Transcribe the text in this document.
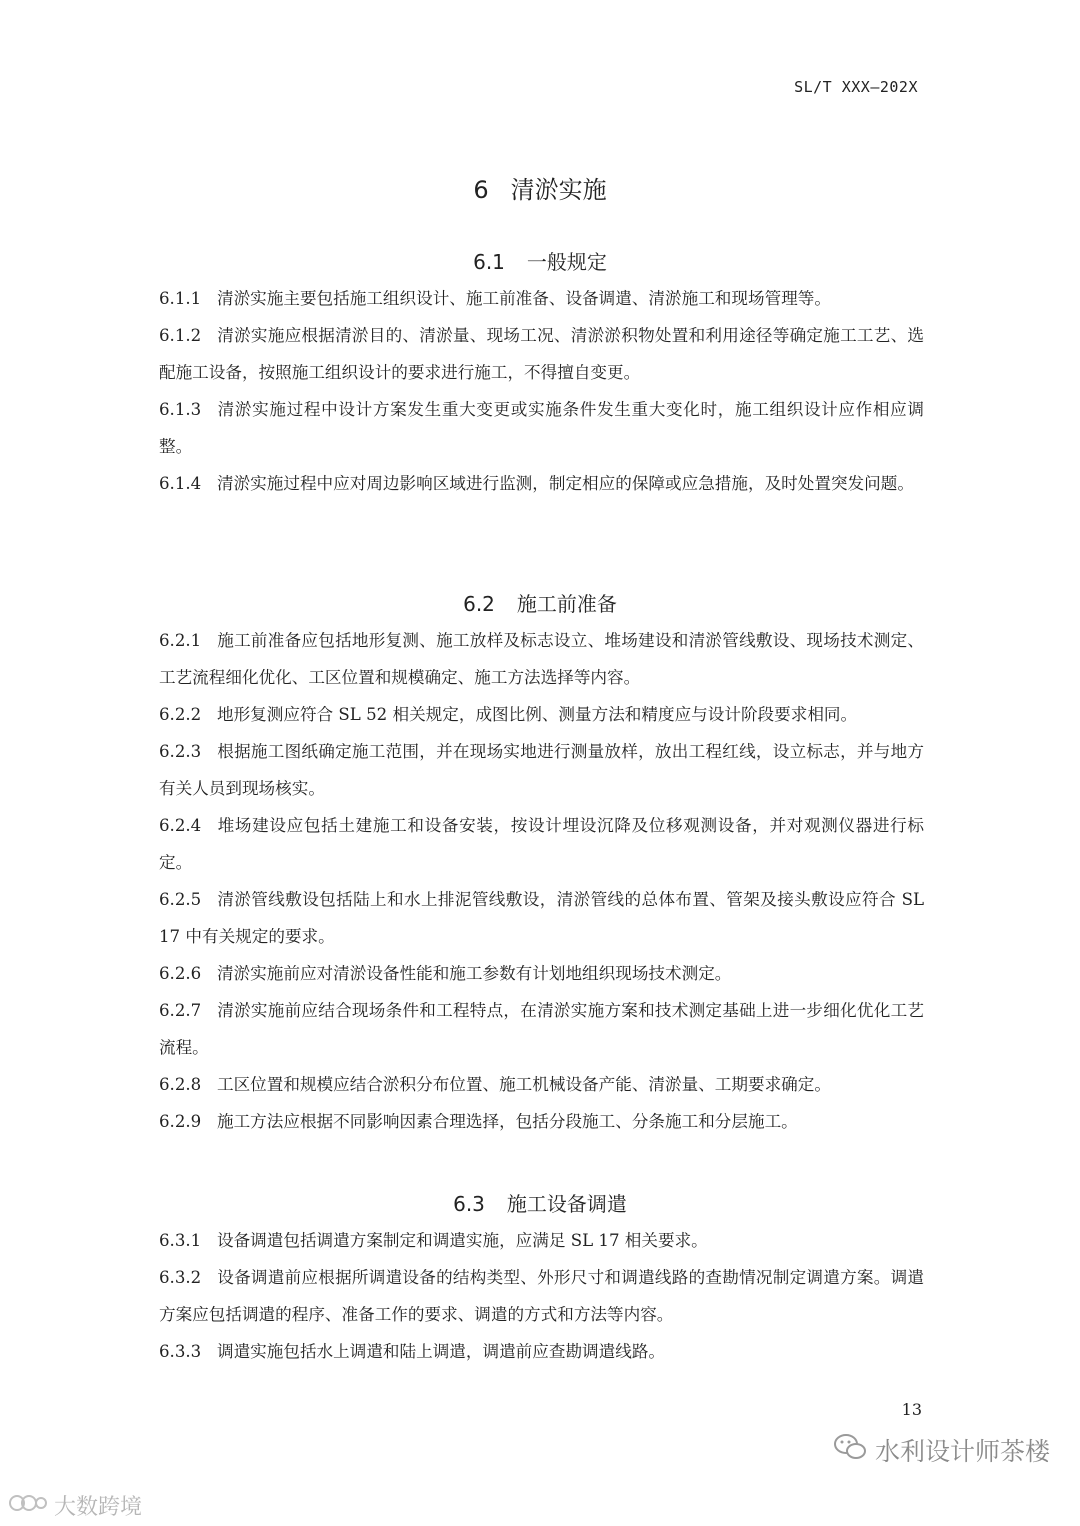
SL/T XXX—202X
6 清淤实施
6.1 一般规定
6.1.1 清淤实施主要包括施工组织设计、施工前准备、设备调遣、清淤施工和现场管理等。
6.1.2 清淤实施应根据清淤目的、清淤量、现场工况、清淤淤积物处置和利用途径等确定施工工艺、选配施工设备，按照施工组织设计的要求进行施工，不得擅自变更。
6.1.3 清淤实施过程中设计方案发生重大变更或实施条件发生重大变化时，施工组织设计应作相应调整。
6.1.4 清淤实施过程中应对周边影响区域进行监测，制定相应的保障或应急措施，及时处置突发问题。
6.2 施工前准备
6.2.1 施工前准备应包括地形复测、施工放样及标志设立、堆场建设和清淤管线敷设、现场技术测定、工艺流程细化优化、工区位置和规模确定、施工方法选择等内容。
6.2.2 地形复测应符合 SL 52 相关规定，成图比例、测量方法和精度应与设计阶段要求相同。
6.2.3 根据施工图纸确定施工范围，并在现场实地进行测量放样，放出工程红线，设立标志，并与地方有关人员到现场核实。
6.2.4 堆场建设应包括土建施工和设备安装，按设计埋设沉降及位移观测设备，并对观测仪器进行标定。
6.2.5 清淤管线敷设包括陆上和水上排泥管线敷设，清淤管线的总体布置、管架及接头敷设应符合 SL 17 中有关规定的要求。
6.2.6 清淤实施前应对清淤设备性能和施工参数有计划地组织现场技术测定。
6.2.7 清淤实施前应结合现场条件和工程特点，在清淤实施方案和技术测定基础上进一步细化优化工艺流程。
6.2.8 工区位置和规模应结合淤积分布位置、施工机械设备产能、清淤量、工期要求确定。
6.2.9 施工方法应根据不同影响因素合理选择，包括分段施工、分条施工和分层施工。
6.3 施工设备调遣
6.3.1 设备调遣包括调遣方案制定和调遣实施，应满足 SL 17 相关要求。
6.3.2 设备调遣前应根据所调遣设备的结构类型、外形尺寸和调遣线路的查勘情况制定调遣方案。调遣方案应包括调遣的程序、准备工作的要求、调遣的方式和方法等内容。
6.3.3 调遣实施包括水上调遣和陆上调遣，调遣前应查勘调遣线路。
13
水利设计师茶楼
大数跨境
